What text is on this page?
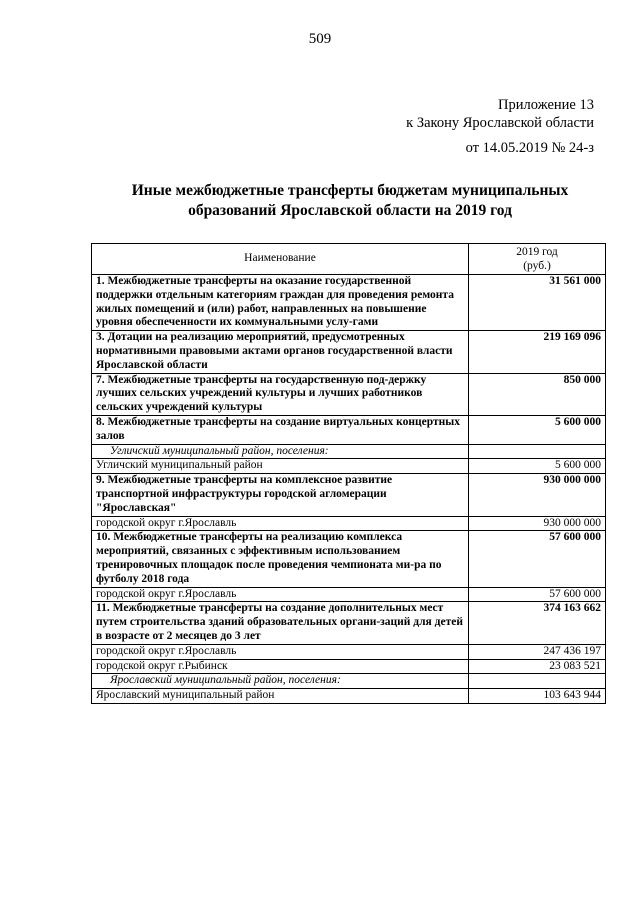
509
Приложение 13
к Закону Ярославской области
от 14.05.2019 № 24-з
Иные межбюджетные трансферты бюджетам муниципальных
образований Ярославской области на 2019 год
Наименование	2019 год
(руб.)

1. Межбюджетные трансферты на оказание государственной поддержки отдельным категориям граждан для проведения ремонта жилых помещений и (или) работ, направленных на повышение уровня обеспеченности их коммунальными услу-гами	31 561 000
3. Дотации на реализацию мероприятий, предусмотренных нормативными правовыми актами органов государственной власти Ярославской области	219 169 096
7. Межбюджетные трансферты на государственную под-держку лучших сельских учреждений культуры и лучших работников сельских учреждений культуры	850 000
8. Межбюджетные трансферты на создание виртуальных концертных залов	5 600 000
Угличский муниципальный район, поселения:	
Угличский муниципальный район	5 600 000
9. Межбюджетные трансферты на комплексное развитие транспортной инфраструктуры городской агломерации "Ярославская"	930 000 000
городской округ г.Ярославль	930 000 000
10. Межбюджетные трансферты на реализацию комплекса мероприятий, связанных с эффективным использованием тренировочных площадок после проведения чемпионата ми-ра по футболу 2018 года	57 600 000
городской округ г.Ярославль	57 600 000
11. Межбюджетные трансферты на создание дополнительных мест путем строительства зданий образовательных органи-заций для детей в возрасте от 2 месяцев до 3 лет	374 163 662
городской округ г.Ярославль	247 436 197
городской округ г.Рыбинск	23 083 521
Ярославский муниципальный район, поселения:	
Ярославский муниципальный район	103 643 944
